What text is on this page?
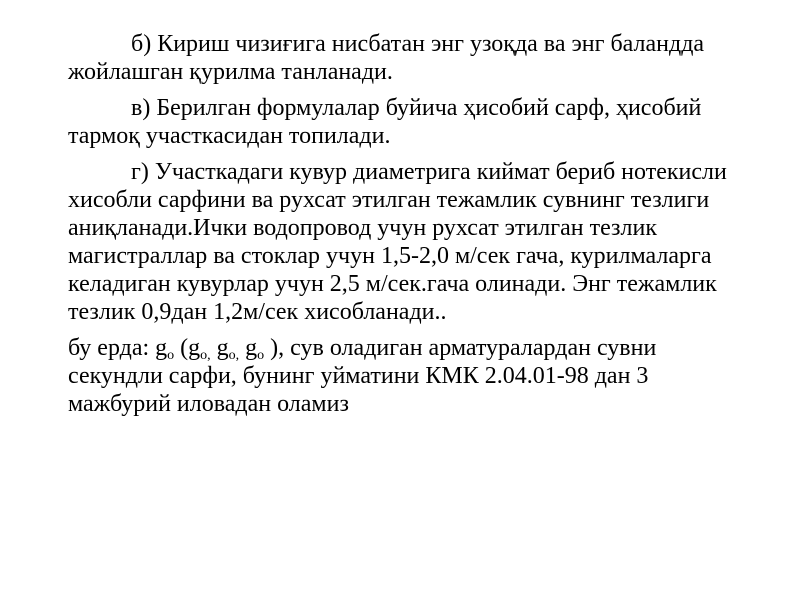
б) Кириш чизиғига нисбатан энг узоқда ва энг баландда жойлашган қурилма танланади.

в) Берилган формулалар буйича ҳисобий сарф, ҳисобий тармоқ участкасидан топилади.

г) Участкадаги кувур диаметрига киймат бериб нотекисли хисобли сарфини ва рухсат этилган тежамлик сувнинг тезлиги аниқланади.Ички водопровод учун рухсат этилган тезлик магистраллар ва стоклар учун 1,5-2,0 м/сек гача, курилмаларга келадиган кувурлар учун 2,5 м/сек.гача олинади. Энг тежамлик тезлик 0,9дан 1,2м/сек хисобланади..

бу ерда: $g_o$ ($g_{o,}$ $g_{o,}$ $g_o$ ), сув оладиган арматуралардан сувни секундли сарфи, бунинг уйматини КМК 2.04.01-98 дан 3 мажбурий иловадан оламиз
